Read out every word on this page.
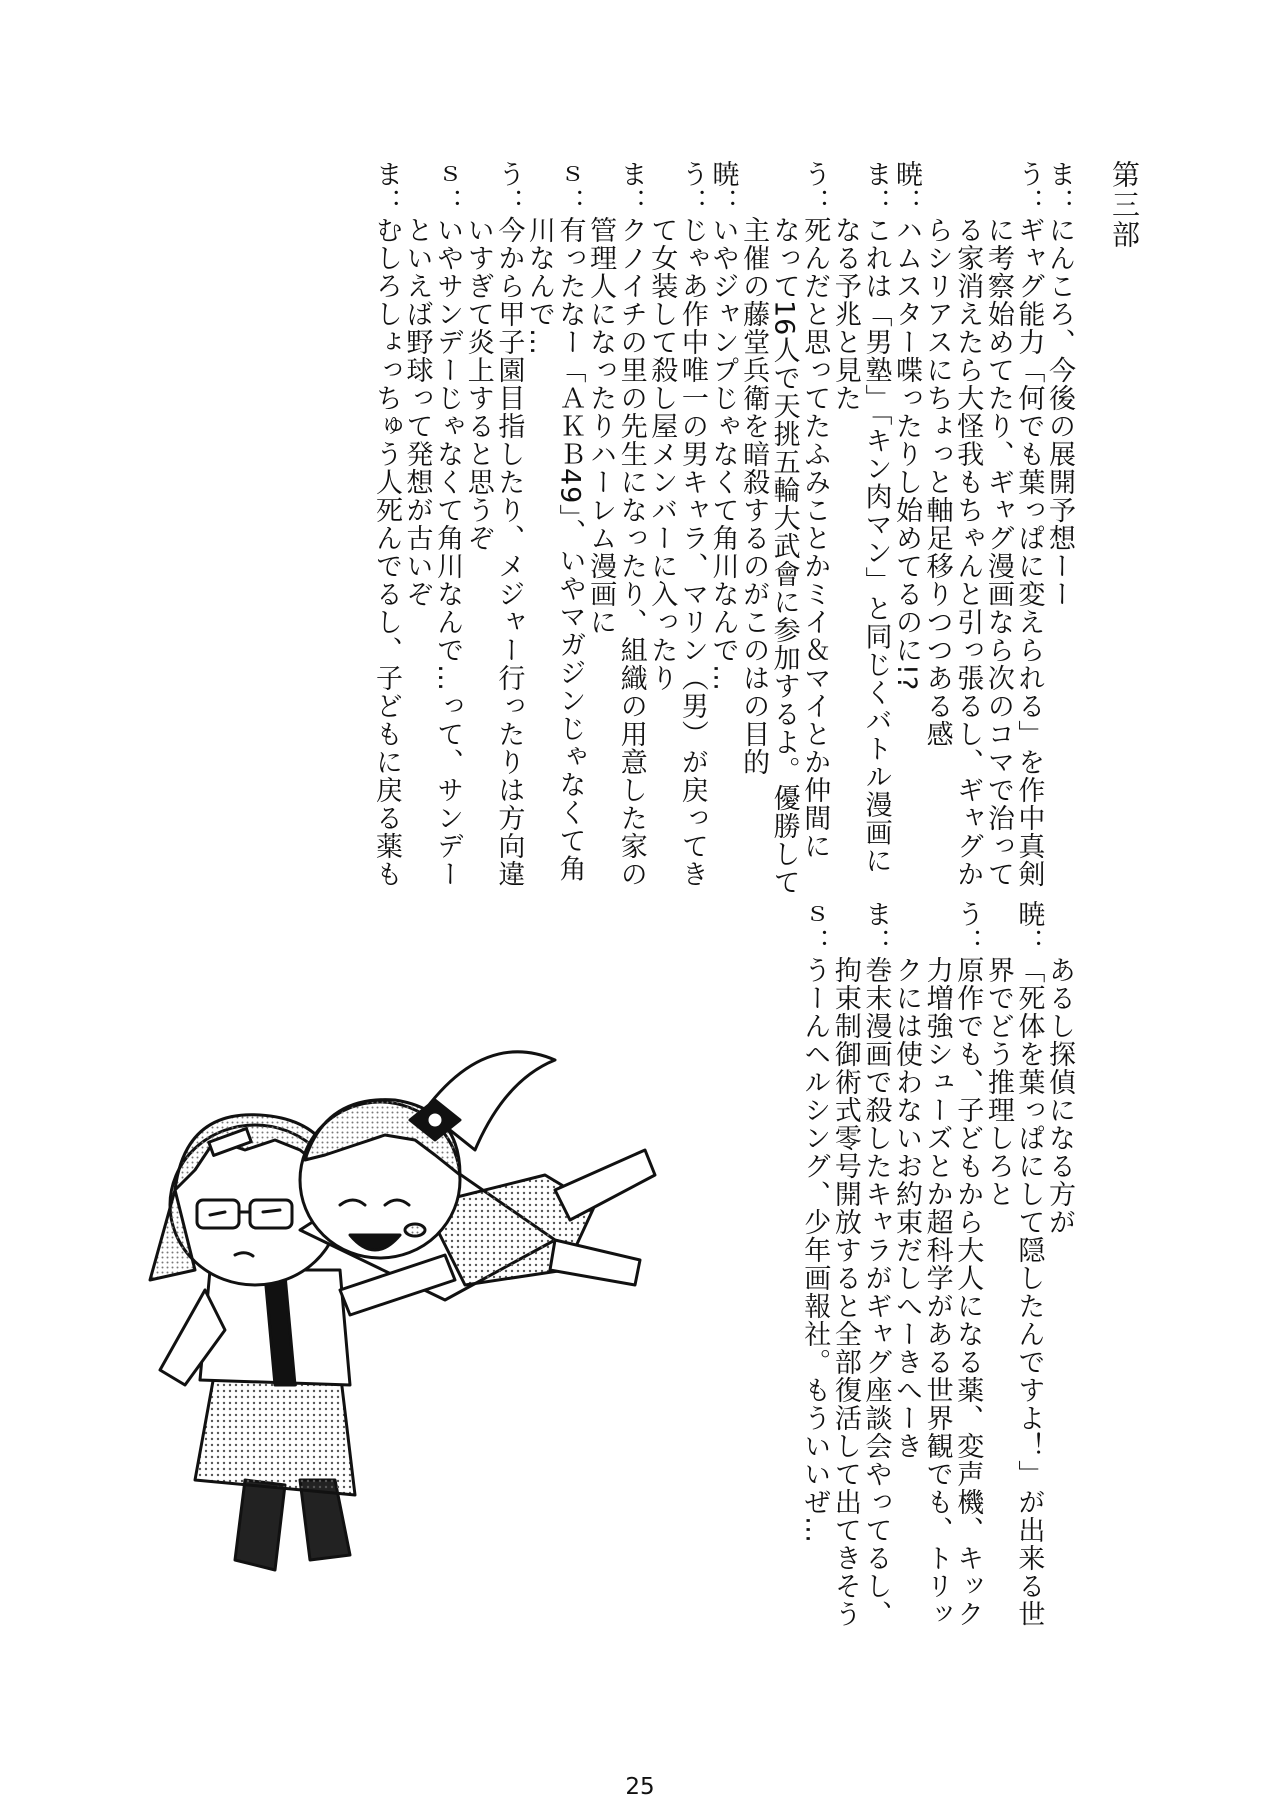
第三部
ま：にんころ、今後の展開予想ーー
う：ギャグ能力「何でも葉っぱに変えられる」を作中真剣
　　に考察始めてたり、ギャグ漫画なら次のコマで治って
　　る家消えたら大怪我もちゃんと引っ張るし、ギャグか
　　らシリアスにちょっと軸足移りつつある感
暁：ハムスター喋ったりし始めてるのに!?
ま：これは「男塾」「キン肉マン」と同じくバトル漫画に
　　なる予兆と見た
う：死んだと思ってたふみことかミイ＆マイとか仲間に
　　なって16人で天挑五輪大武會に参加するよ。優勝して
　　主催の藤堂兵衛を暗殺するのがこのはの目的
暁：いやジャンプじゃなくて角川なんで…
う：じゃあ作中唯一の男キャラ、マリン（男）が戻ってき
　　て女装して殺し屋メンバーに入ったり
ま：クノイチの里の先生になったり、組織の用意した家の
　　管理人になったりハーレム漫画に
ｓ：有ったなー「ＡＫＢ49」、いやマガジンじゃなくて角
　　川なんで…
う：今から甲子園目指したり、メジャー行ったりは方向違
　　いすぎて炎上すると思うぞ
ｓ：いやサンデーじゃなくて角川なんで…って、サンデー
　　といえば野球って発想が古いぞ
ま：むしろしょっちゅう人死んでるし、子どもに戻る薬も
　　あるし探偵になる方が
暁：「死体を葉っぱにして隠したんですよ！」が出来る世
　　界でどう推理しろと
う：原作でも、子どもから大人になる薬、変声機、キック
　　力増強シューズとか超科学がある世界観でも、トリッ
　　クには使わないお約束だしへーきへーき
ま：巻末漫画で殺したキャラがギャグ座談会やってるし、
　　拘束制御術式零号開放すると全部復活して出てきそう
ｓ：うーんヘルシング、少年画報社。もういいぜ…
25
